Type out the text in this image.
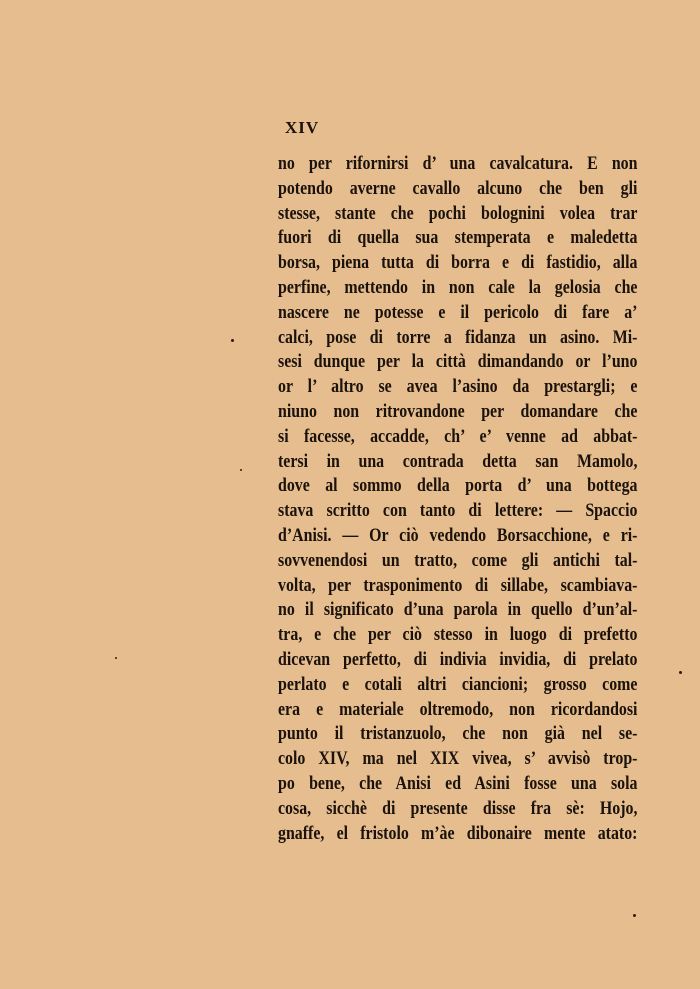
XIV
no per rifornirsi d’ una cavalcatura. E non
potendo averne cavallo alcuno che ben gli
stesse, stante che pochi bolognini volea trar
fuori di quella sua stemperata e maledetta
borsa, piena tutta di borra e di fastidio, alla
perfine, mettendo in non cale la gelosia che
nascere ne potesse e il pericolo di fare a’
calci, pose di torre a fidanza un asino. Mi-
sesi dunque per la città dimandando or l’uno
or l’ altro se avea l’asino da prestargli; e
niuno non ritrovandone per domandare che
si facesse, accadde, ch’ e’ venne ad abbat-
tersi in una contrada detta san Mamolo,
dove al sommo della porta d’ una bottega
stava scritto con tanto di lettere: — Spaccio
d’Anisi. — Or ciò vedendo Borsacchione, e ri-
sovvenendosi un tratto, come gli antichi tal-
volta, per trasponimento di sillabe, scambiava-
no il significato d’una parola in quello d’un’al-
tra, e che per ciò stesso in luogo di prefetto
dicevan perfetto, di indivia invidia, di prelato
perlato e cotali altri ciancioni; grosso come
era e materiale oltremodo, non ricordandosi
punto il tristanzuolo, che non già nel se-
colo XIV, ma nel XIX vivea, s’ avvisò trop-
po bene, che Anisi ed Asini fosse una sola
cosa, sicchè di presente disse fra sè: Hojo,
gnaffe, el fristolo m’àe dibonaire mente atato:
